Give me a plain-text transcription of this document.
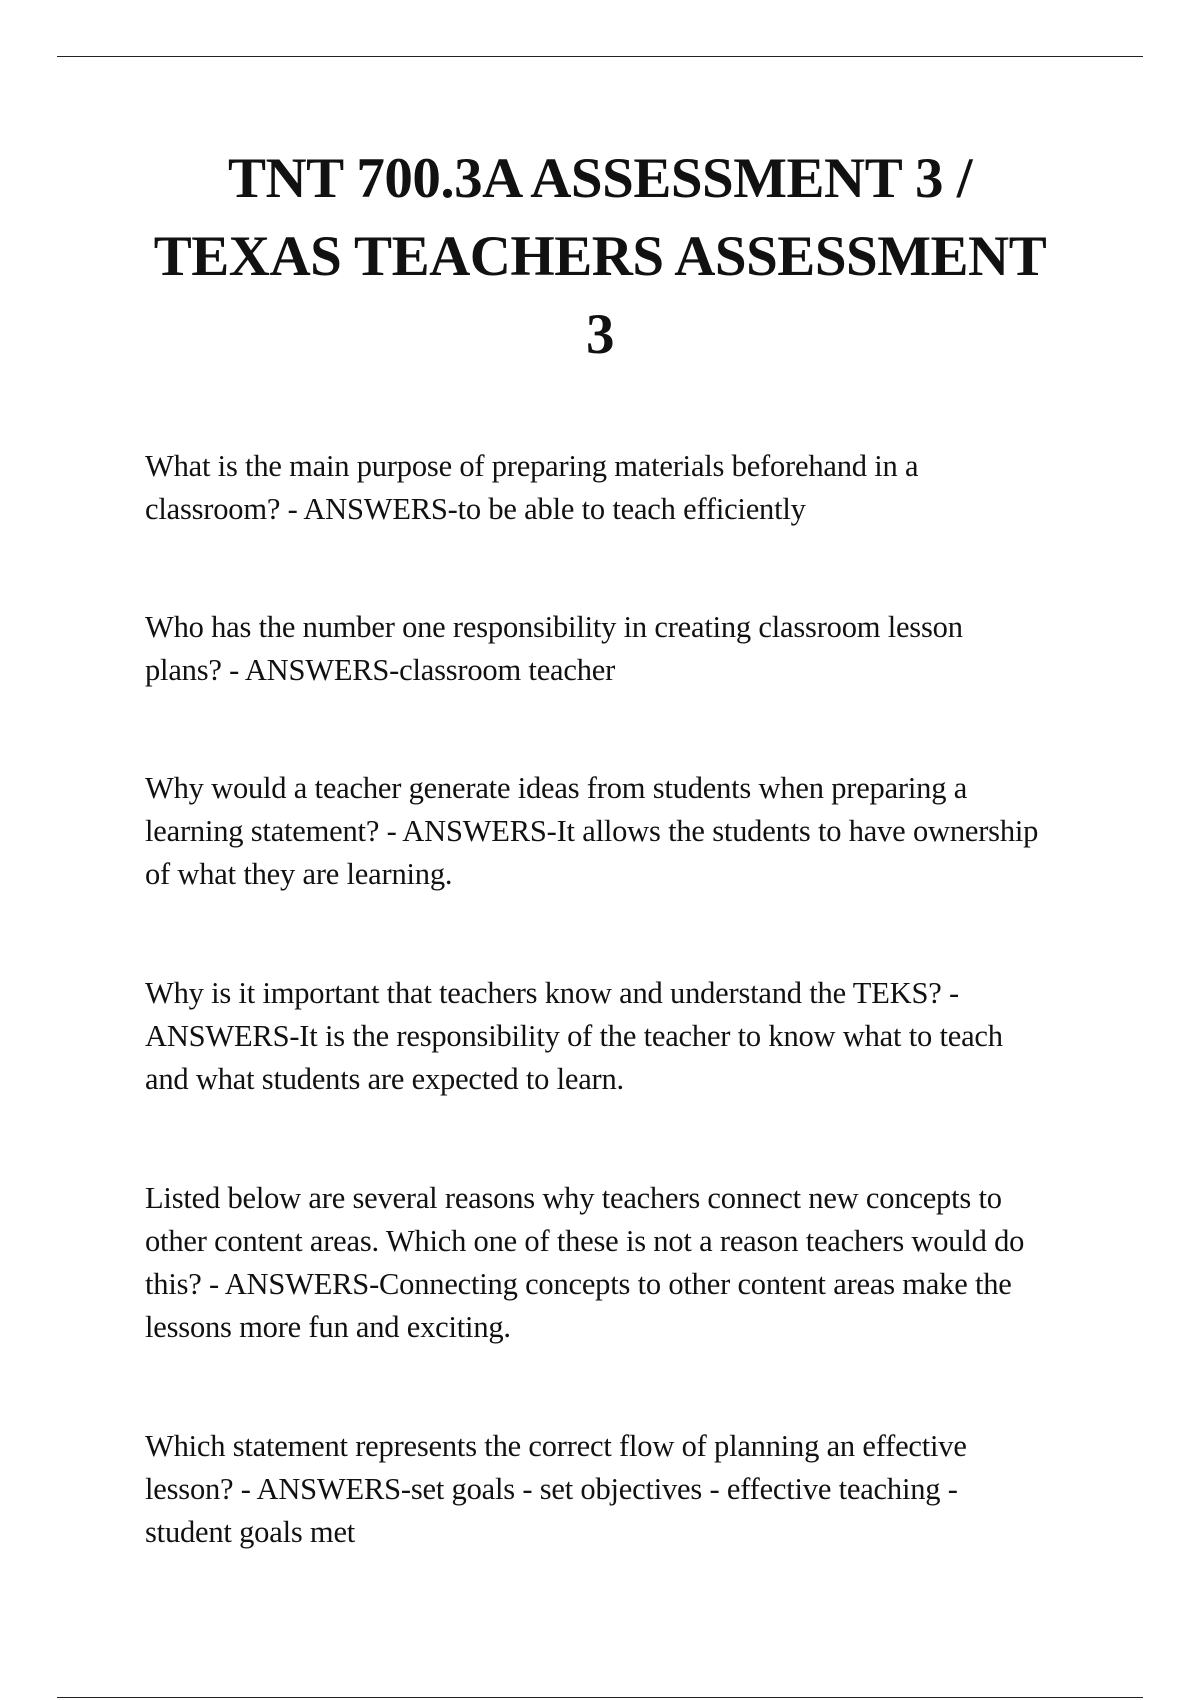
TNT 700.3A ASSESSMENT 3 /
TEXAS TEACHERS ASSESSMENT
3

What is the main purpose of preparing materials beforehand in a classroom? - ANSWERS-to be able to teach efficiently

Who has the number one responsibility in creating classroom lesson plans? - ANSWERS-classroom teacher

Why would a teacher generate ideas from students when preparing a learning statement? - ANSWERS-It allows the students to have ownership of what they are learning.

Why is it important that teachers know and understand the TEKS? - ANSWERS-It is the responsibility of the teacher to know what to teach and what students are expected to learn.

Listed below are several reasons why teachers connect new concepts to other content areas. Which one of these is not a reason teachers would do this? - ANSWERS-Connecting concepts to other content areas make the lessons more fun and exciting.

Which statement represents the correct flow of planning an effective lesson? - ANSWERS-set goals - set objectives - effective teaching - student goals met
